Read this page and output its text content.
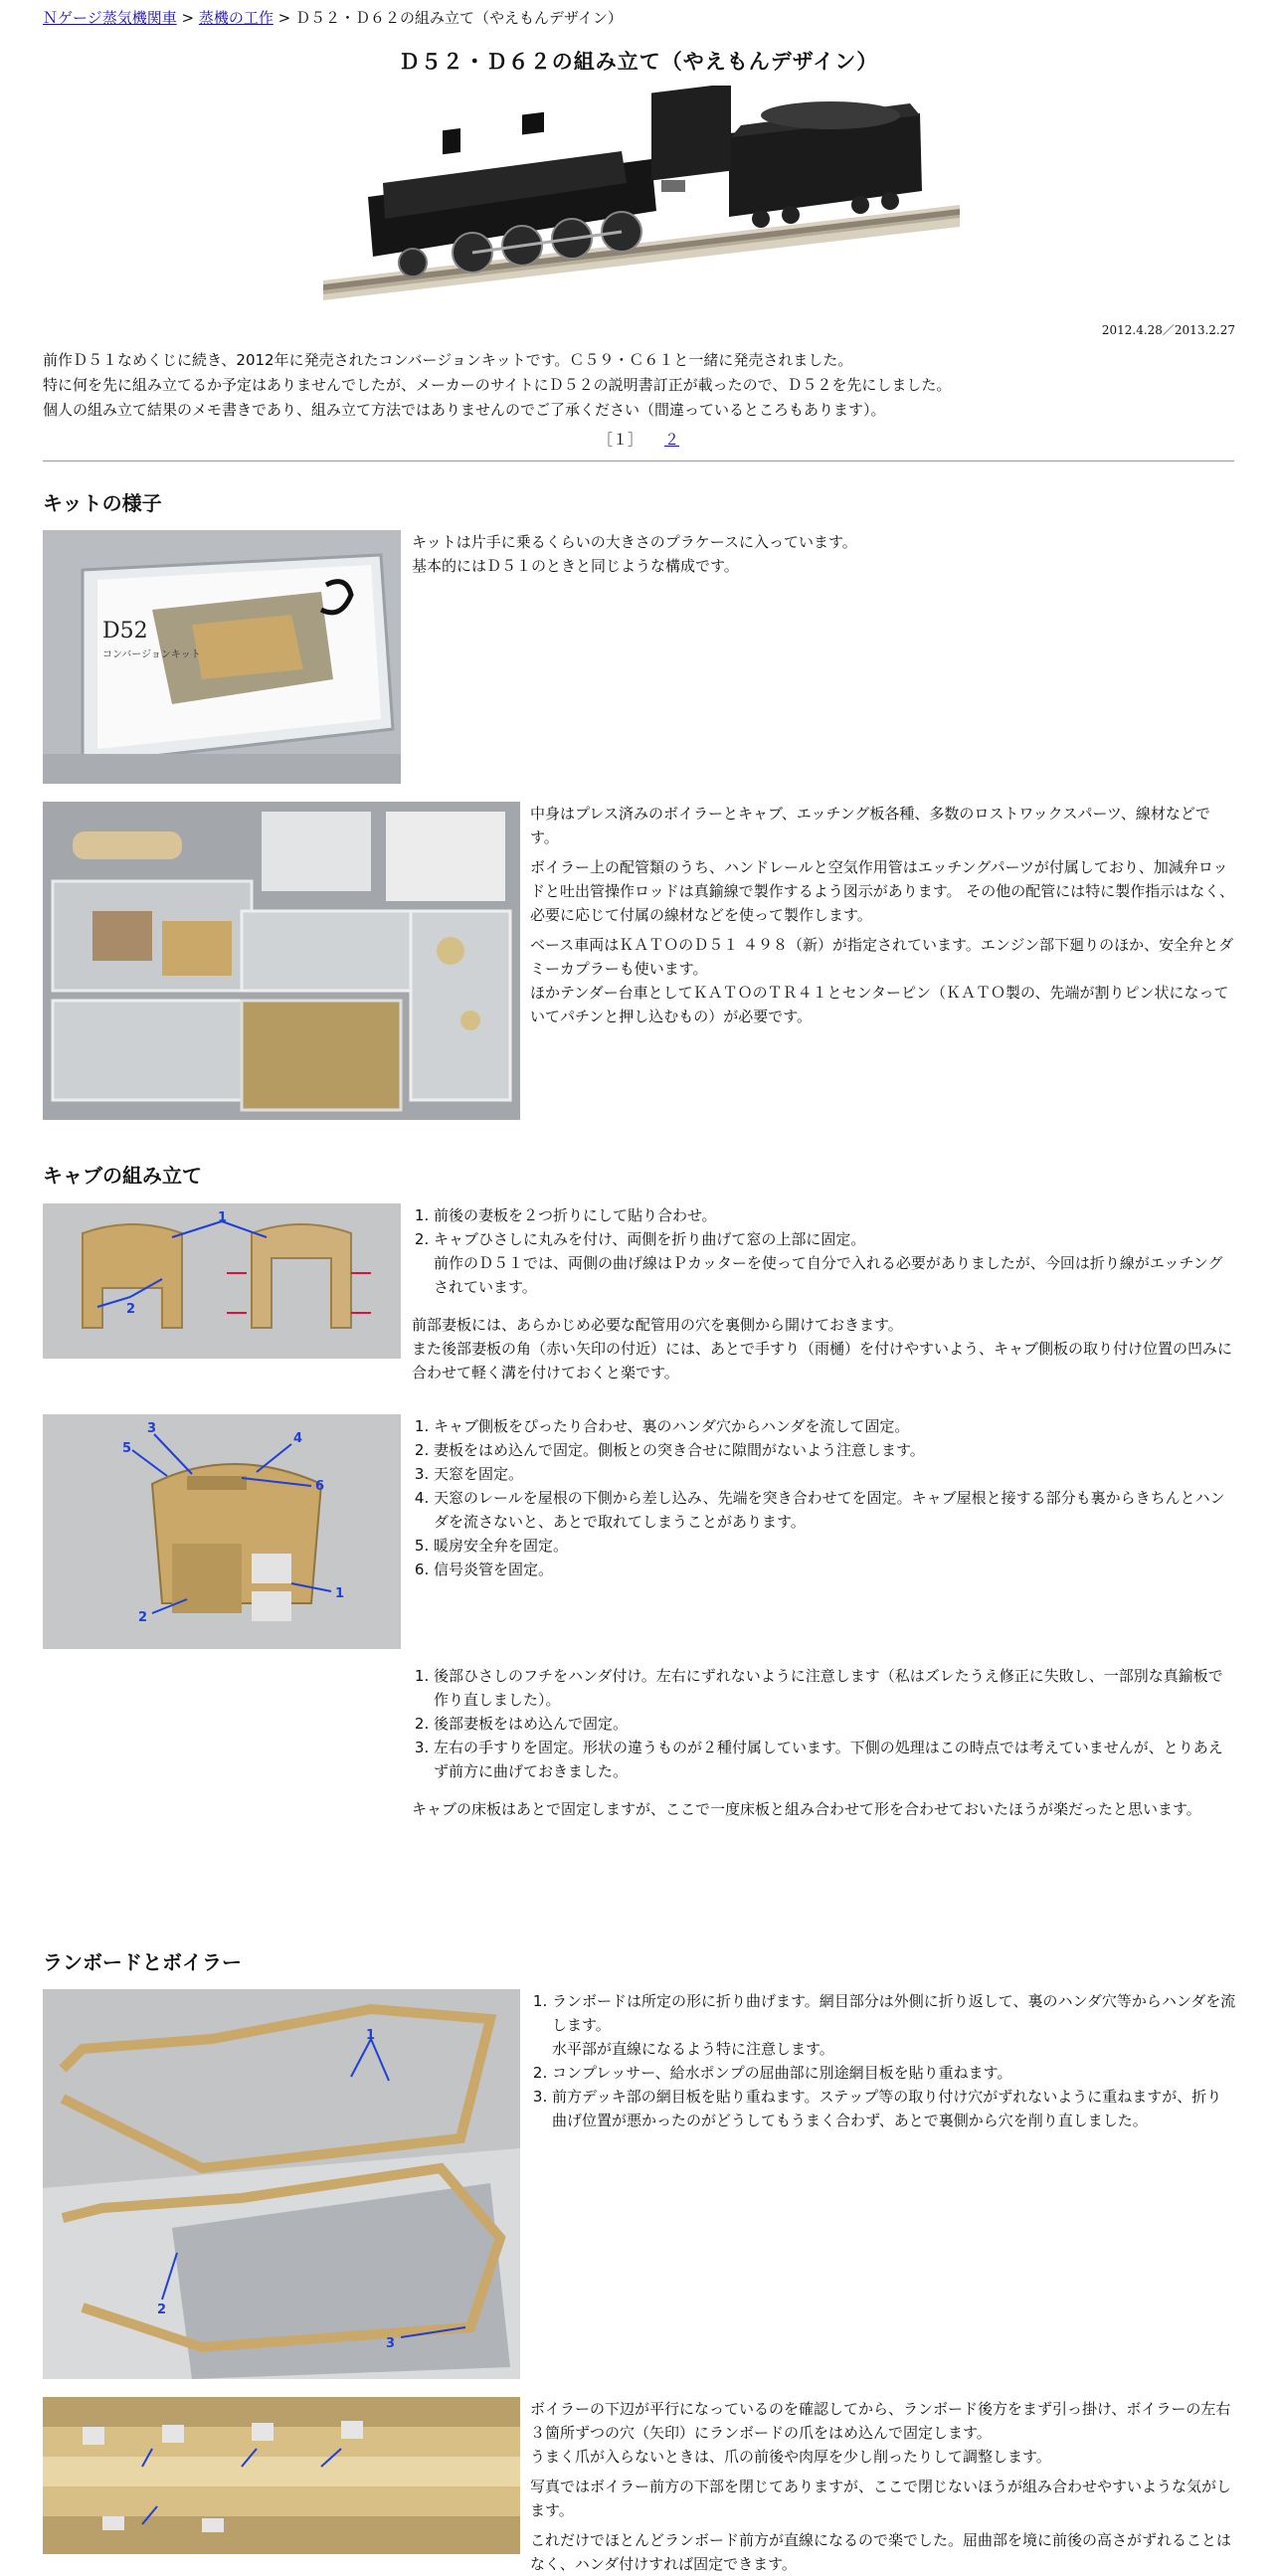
Ｎゲージ蒸気機関車 > 蒸機の工作 > Ｄ５２・Ｄ６２の組み立て（やえもんデザイン）
Ｄ５２・Ｄ６２の組み立て（やえもんデザイン）
2012.4.28／2013.2.27
前作Ｄ５１なめくじに続き、2012年に発売されたコンバージョンキットです。Ｃ５９・Ｃ６１と一緒に発売されました。
特に何を先に組み立てるか予定はありませんでしたが、メーカーのサイトにＤ５２の説明書訂正が載ったので、Ｄ５２を先にしました。
個人の組み立て結果のメモ書きであり、組み立て方法ではありませんのでご了承ください（間違っているところもあります）。
［１］ ２
キットの様子
D52
コンバージョンキット
キットは片手に乗るくらいの大きさのプラケースに入っています。
基本的にはＤ５１のときと同じような構成です。

中身はプレス済みのボイラーとキャブ、エッチング板各種、多数のロストワックスパーツ、線材などです。

ボイラー上の配管類のうち、ハンドレールと空気作用管はエッチングパーツが付属しており、加減弁ロッドと吐出管操作ロッドは真鍮線で製作するよう図示があります。 その他の配管には特に製作指示はなく、必要に応じて付属の線材などを使って製作します。

ベース車両はＫＡＴＯのＤ５１ ４９８（新）が指定されています。エンジン部下廻りのほか、安全弁とダミーカプラーも使います。
ほかテンダー台車としてＫＡＴＯのＴＲ４１とセンターピン（ＫＡＴＯ製の、先端が割りピン状になっていてパチンと押し込むもの）が必要です。
キャブの組み立て
1
2
1. 前後の妻板を２つ折りにして貼り合わせ。
2. キャブひさしに丸みを付け、両側を折り曲げて窓の上部に固定。
前作のＤ５１では、両側の曲げ線はＰカッターを使って自分で入れる必要がありましたが、今回は折り線がエッチングされています。
前部妻板には、あらかじめ必要な配管用の穴を裏側から開けておきます。
また後部妻板の角（赤い矢印の付近）には、あとで手すり（雨樋）を付けやすいよう、キャブ側板の取り付け位置の凹みに合わせて軽く溝を付けておくと楽です。
3
4
5
6
1
2
1. キャブ側板をぴったり合わせ、裏のハンダ穴からハンダを流して固定。
2. 妻板をはめ込んで固定。側板との突き合せに隙間がないよう注意します。
3. 天窓を固定。
4. 天窓のレールを屋根の下側から差し込み、先端を突き合わせてを固定。キャブ屋根と接する部分も裏からきちんとハンダを流さないと、あとで取れてしまうことがあります。
5. 暖房安全弁を固定。
6. 信号炎管を固定。
1. 後部ひさしのフチをハンダ付け。左右にずれないように注意します（私はズレたうえ修正に失敗し、一部別な真鍮板で作り直しました）。
2. 後部妻板をはめ込んで固定。
3. 左右の手すりを固定。形状の違うものが２種付属しています。下側の処理はこの時点では考えていませんが、とりあえず前方に曲げておきました。
キャブの床板はあとで固定しますが、ここで一度床板と組み合わせて形を合わせておいたほうが楽だったと思います。
ランボードとボイラー
1
2
3
1. ランボードは所定の形に折り曲げます。網目部分は外側に折り返して、裏のハンダ穴等からハンダを流します。
水平部が直線になるよう特に注意します。
2. コンプレッサー、給水ポンプの屈曲部に別途網目板を貼り重ねます。
3. 前方デッキ部の網目板を貼り重ねます。ステップ等の取り付け穴がずれないように重ねますが、折り曲げ位置が悪かったのがどうしてもうまく合わず、あとで裏側から穴を削り直しました。
ボイラーの下辺が平行になっているのを確認してから、ランボード後方をまず引っ掛け、ボイラーの左右３箇所ずつの穴（矢印）にランボードの爪をはめ込んで固定します。

うまく爪が入らないときは、爪の前後や肉厚を少し削ったりして調整します。

写真ではボイラー前方の下部を閉じてありますが、ここで閉じないほうが組み合わせやすいような気がします。

これだけでほとんどランボード前方が直線になるので楽でした。屈曲部を境に前後の高さがずれることはなく、ハンダ付けすれば固定できます。
